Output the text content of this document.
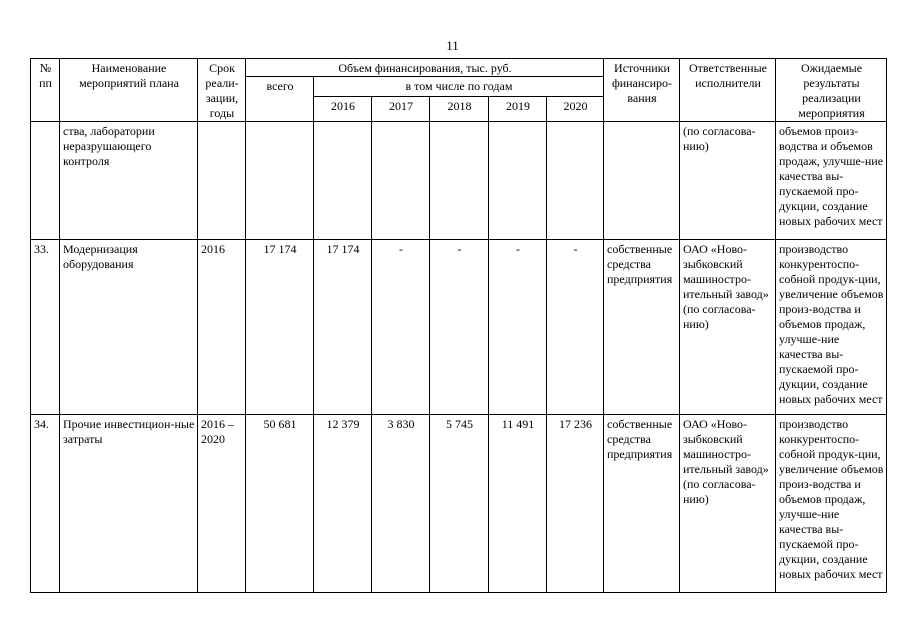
11
№ пп	Наименование мероприятий плана	Срок реали-зации, годы	Объем финансирования, тыс. руб.						Источники финансиро-вания	Ответственные исполнители	Ожидаемые результаты реализации мероприятия
			всего	в том числе по годам							
				2016	2017	2018	2019	2020			
	ства, лаборатории неразрушающего контроля									(по согласова-нию)	объемов произ-водства и объемов продаж, улучше-ние качества вы-пускаемой про-дукции, создание новых рабочих мест
33.	Модернизация оборудования	2016	17 174	17 174	-	-	-	-	собственные средства предприятия	ОАО «Ново-зыбковский машиностро-ительный завод» (по согласова-нию)	производство конкурентоспо-собной продук-ции, увеличение объемов произ-водства и объемов продаж, улучше-ние качества вы-пускаемой про-дукции, создание новых рабочих мест
34.	Прочие инвестицион-ные затраты	2016 – 2020	50 681	12 379	3 830	5 745	11 491	17 236	собственные средства предприятия	ОАО «Ново-зыбковский машиностро-ительный завод» (по согласова-нию)	производство конкурентоспо-собной продук-ции, увеличение объемов произ-водства и объемов продаж, улучше-ние качества вы-пускаемой про-дукции, создание новых рабочих мест
